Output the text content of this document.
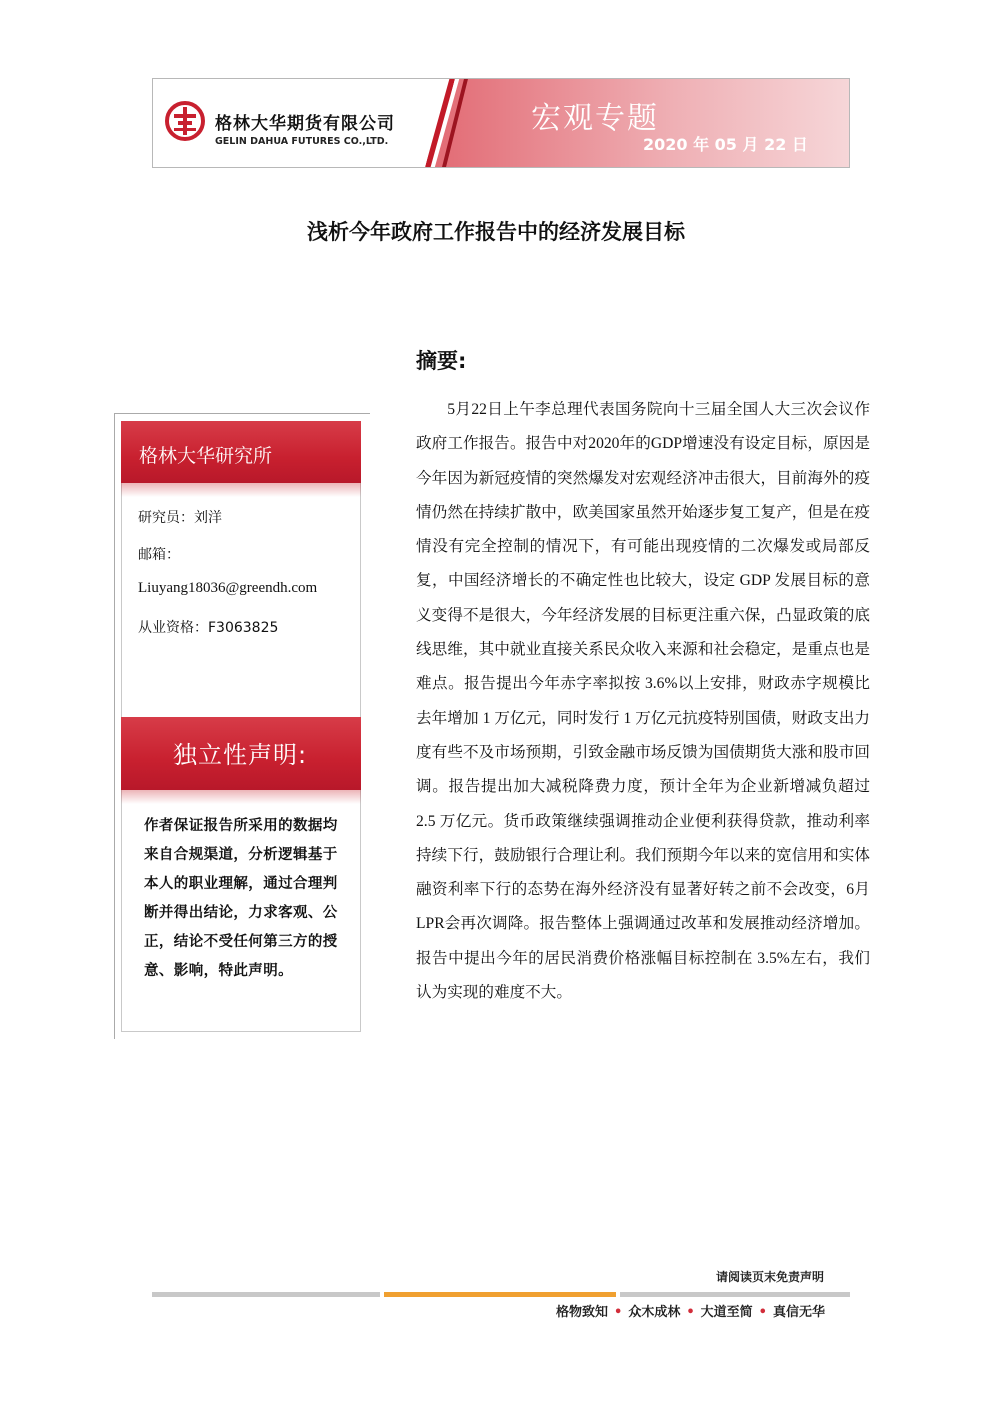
格林大华期货有限公司
GELIN DAHUA FUTURES CO.,LTD.
宏观专题
2020 年 05 月 22 日
浅析今年政府工作报告中的经济发展目标
格林大华研究所
研究员：刘洋
邮箱：
Liuyang18036@greendh.com
从业资格：F3063825
独立性声明:
作者保证报告所采用的数据均来自合规渠道，分析逻辑基于本人的职业理解，通过合理判断并得出结论，力求客观、公正，结论不受任何第三方的授意、影响，特此声明。
摘要:
5月22日上午李总理代表国务院向十三届全国人大三次会议作政府工作报告。报告中对2020年的GDP增速没有设定目标，原因是今年因为新冠疫情的突然爆发对宏观经济冲击很大，目前海外的疫情仍然在持续扩散中，欧美国家虽然开始逐步复工复产，但是在疫情没有完全控制的情况下，有可能出现疫情的二次爆发或局部反复，中国经济增长的不确定性也比较大，设定 GDP 发展目标的意义变得不是很大，今年经济发展的目标更注重六保，凸显政策的底线思维，其中就业直接关系民众收入来源和社会稳定，是重点也是难点。报告提出今年赤字率拟按 3.6%以上安排，财政赤字规模比去年增加 1 万亿元，同时发行 1 万亿元抗疫特别国债，财政支出力度有些不及市场预期，引致金融市场反馈为国债期货大涨和股市回调。报告提出加大减税降费力度，预计全年为企业新增减负超过 2.5 万亿元。货币政策继续强调推动企业便利获得贷款，推动利率持续下行，鼓励银行合理让利。我们预期今年以来的宽信用和实体融资利率下行的态势在海外经济没有显著好转之前不会改变，6月LPR会再次调降。报告整体上强调通过改革和发展推动经济增加。报告中提出今年的居民消费价格涨幅目标控制在 3.5%左右，我们认为实现的难度不大。
请阅读页末免责声明
格物致知 • 众木成林 • 大道至简 • 真信无华
